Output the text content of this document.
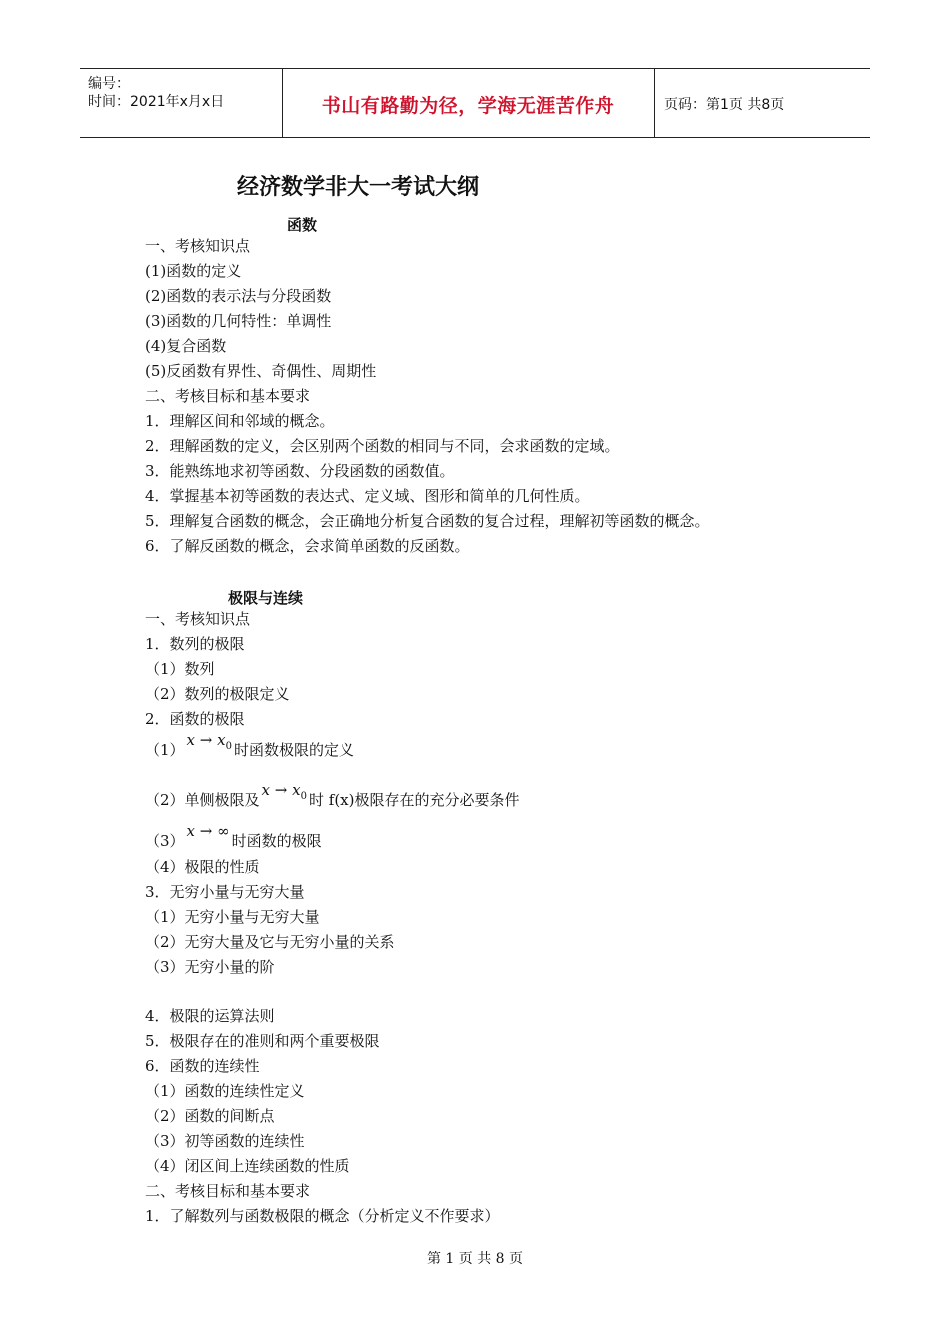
编号：
时间：2021年x月x日	书山有路勤为径，学海无涯苦作舟	页码：第1页 共8页
经济数学非大一考试大纲
函数
一、考核知识点
(1)函数的定义
(2)函数的表示法与分段函数
(3)函数的几何特性：单调性
(4)复合函数
(5)反函数有界性、奇偶性、周期性
二、考核目标和基本要求
1．理解区间和邻域的概念。
2．理解函数的定义，会区别两个函数的相同与不同，会求函数的定域。
3．能熟练地求初等函数、分段函数的函数值。
4．掌握基本初等函数的表达式、定义域、图形和简单的几何性质。
5．理解复合函数的概念，会正确地分析复合函数的复合过程，理解初等函数的概念。
6．了解反函数的概念，会求简单函数的反函数。
极限与连续
一、考核知识点
1．数列的极限
（1）数列
（2）数列的极限定义
2．函数的极限
$(1)x \to x_0$ 时函数极限的定义
（2）单侧极限及$x \to x_0$ 时 f(x)极限存在的充分必要条件
（3）x → ∞时函数的极限
（4）极限的性质
3．无穷小量与无穷大量
（1）无穷小量与无穷大量
（2）无穷大量及它与无穷小量的关系
（3）无穷小量的阶
4．极限的运算法则
5．极限存在的准则和两个重要极限
6．函数的连续性
（1）函数的连续性定义
（2）函数的间断点
（3）初等函数的连续性
（4）闭区间上连续函数的性质
二、考核目标和基本要求
1．了解数列与函数极限的概念（分析定义不作要求）
第 1 页 共 8 页
